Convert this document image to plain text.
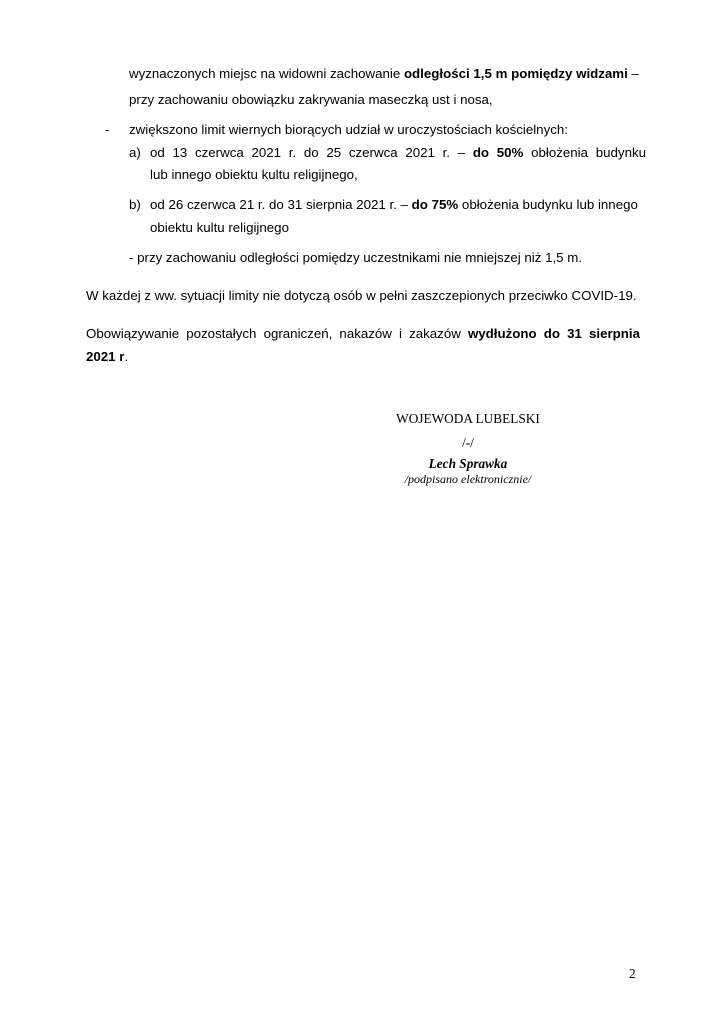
wyznaczonych miejsc na widowni zachowanie odległości 1,5 m pomiędzy widzami –

przy zachowaniu obowiązku zakrywania maseczką ust i nosa,

- zwiększono limit wiernych biorących udział w uroczystościach kościelnych:

a) od 13 czerwca 2021 r. do 25 czerwca 2021 r. – do 50% obłożenia budynku

lub innego obiektu kultu religijnego,

b) od 26 czerwca 21 r. do 31 sierpnia 2021 r. – do 75% obłożenia budynku lub innego

obiektu kultu religijnego

- przy zachowaniu odległości pomiędzy uczestnikami nie mniejszej niż 1,5 m.

W każdej z ww. sytuacji limity nie dotyczą osób w pełni zaszczepionych przeciwko COVID-19.

Obowiązywanie pozostałych ograniczeń, nakazów i zakazów wydłużono do 31 sierpnia

2021 r.

WOJEWODA LUBELSKI
/-/
Lech Sprawka
/podpisano elektronicznie/
2
